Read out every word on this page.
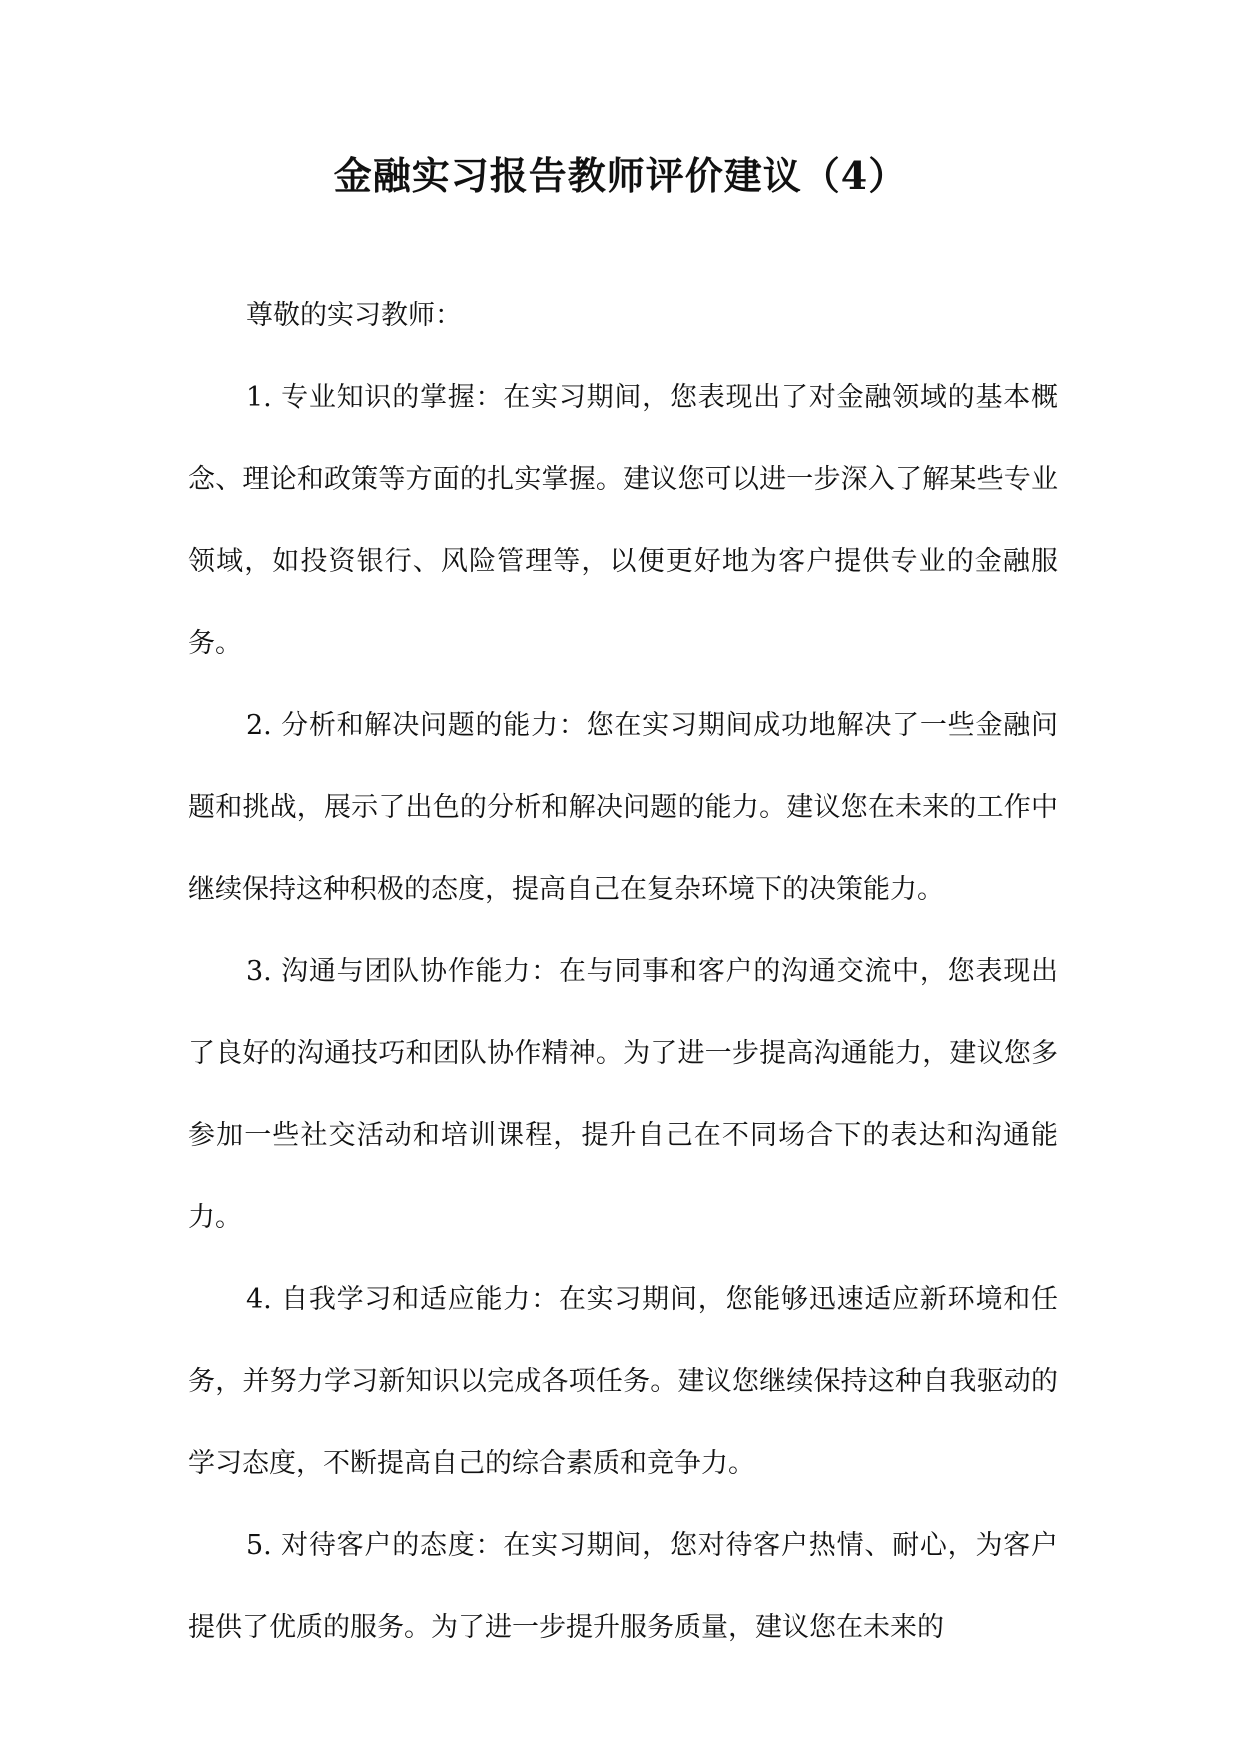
金融实习报告教师评价建议（4）

尊敬的实习教师：

1. 专业知识的掌握：在实习期间，您表现出了对金融领域的基本概念、理论和政策等方面的扎实掌握。建议您可以进一步深入了解某些专业领域，如投资银行、风险管理等，以便更好地为客户提供专业的金融服务。

2. 分析和解决问题的能力：您在实习期间成功地解决了一些金融问题和挑战，展示了出色的分析和解决问题的能力。建议您在未来的工作中继续保持这种积极的态度，提高自己在复杂环境下的决策能力。

3. 沟通与团队协作能力：在与同事和客户的沟通交流中，您表现出了良好的沟通技巧和团队协作精神。为了进一步提高沟通能力，建议您多参加一些社交活动和培训课程，提升自己在不同场合下的表达和沟通能力。

4. 自我学习和适应能力：在实习期间，您能够迅速适应新环境和任务，并努力学习新知识以完成各项任务。建议您继续保持这种自我驱动的学习态度，不断提高自己的综合素质和竞争力。

5. 对待客户的态度：在实习期间，您对待客户热情、耐心，为客户提供了优质的服务。为了进一步提升服务质量，建议您在未来的
